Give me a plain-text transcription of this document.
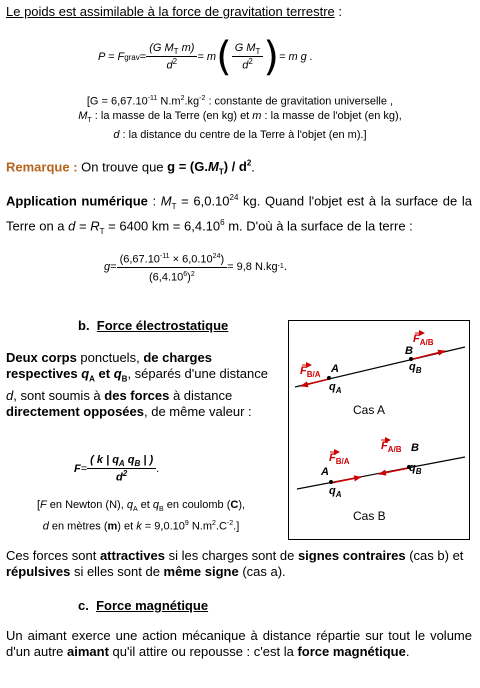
Le poids est assimilable à la force de gravitation terrestre :
P = F grav = $\frac{(G M_T m)}{d^2} = m$ ( $\frac{G M_T}{d^2}$ ) = m g .
[$G = 6,67.10^{-11}$ $N.m^2.kg^{-2}$ : constante de gravitation universelle ,
$M_T$ : la masse de la Terre (en kg) et m : la masse de l'objet (en kg),
d : la distance du centre de la Terre à l'objet (en m).]
Remarque : On trouve que $g = (G.M_T) / d^2$.
Application numérique : $M_T = 6,0.10^{24}$ kg. Quand l'objet est à la surface de la Terre on a $d = R_T = 6400$ km = $6,4.10^6$ m. D'où à la surface de la terre :
$g = \frac{(6,67.10^{-11} \times 6,0.10^{24})}{(6,4.10^6)^2} = 9,8$ N.kg -1 .
b. Force électrostatique
Deux corps ponctuels, de charges respectives $q_A$ et $q_B$, séparés d'une distance d, sont soumis à des forces à distance directement opposées, de même valeur :
$F = \frac{( k | q_A q_B | )}{d^2}$ .
[F en Newton (N), $q_A$ et $q_B$ en coulomb (C),
d en mètres (m) et $k = 9,0.10^9$ $N.m^2.C^{-2}$.]
$F_{B/A}$
$F_{A/B}$
A
B
$q_A$
$q_B$
Cas A
$F_{B/A}$
$F_{A/B}$
A
B
$q_A$
$q_B$
Cas B
Ces forces sont attractives si les charges sont de signes contraires (cas b) et répulsives si elles sont de même signe (cas a).
c. Force magnétique
Un aimant exerce une action mécanique à distance répartie sur tout le volume d'un autre aimant qu'il attire ou repousse : c'est la force magnétique.
